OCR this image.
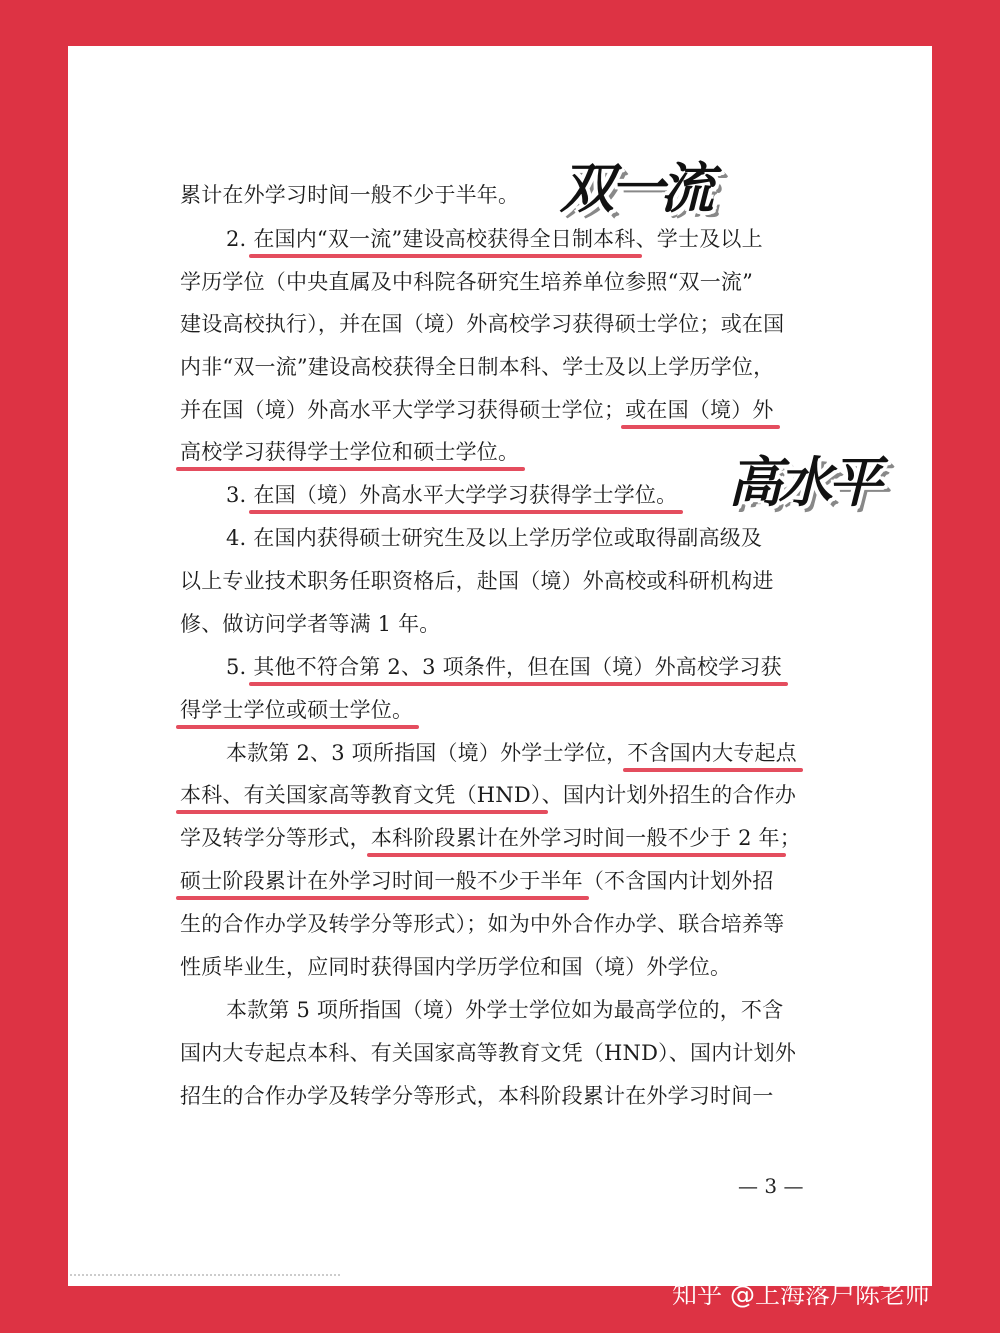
累计在外学习时间一般不少于半年。
2. 在国内“双一流”建设高校获得全日制本科、学士及以上
学历学位（中央直属及中科院各研究生培养单位参照“双一流”
建设高校执行），并在国（境）外高校学习获得硕士学位；或在国
内非“双一流”建设高校获得全日制本科、学士及以上学历学位，
并在国（境）外高水平大学学习获得硕士学位；或在国（境）外
高校学习获得学士学位和硕士学位。
3. 在国（境）外高水平大学学习获得学士学位。
4. 在国内获得硕士研究生及以上学历学位或取得副高级及
以上专业技术职务任职资格后，赴国（境）外高校或科研机构进
修、做访问学者等满 1 年。
5. 其他不符合第 2、3 项条件，但在国（境）外高校学习获
得学士学位或硕士学位。
本款第 2、3 项所指国（境）外学士学位，不含国内大专起点
本科、有关国家高等教育文凭（HND）、国内计划外招生的合作办
学及转学分等形式，本科阶段累计在外学习时间一般不少于 2 年；
硕士阶段累计在外学习时间一般不少于半年（不含国内计划外招
生的合作办学及转学分等形式）；如为中外合作办学、联合培养等
性质毕业生，应同时获得国内学历学位和国（境）外学位。
本款第 5 项所指国（境）外学士学位如为最高学位的，不含
国内大专起点本科、有关国家高等教育文凭（HND）、国内计划外
招生的合作办学及转学分等形式，本科阶段累计在外学习时间一
— 3 —
双一流
高水平
知乎 @上海落户陈老师
